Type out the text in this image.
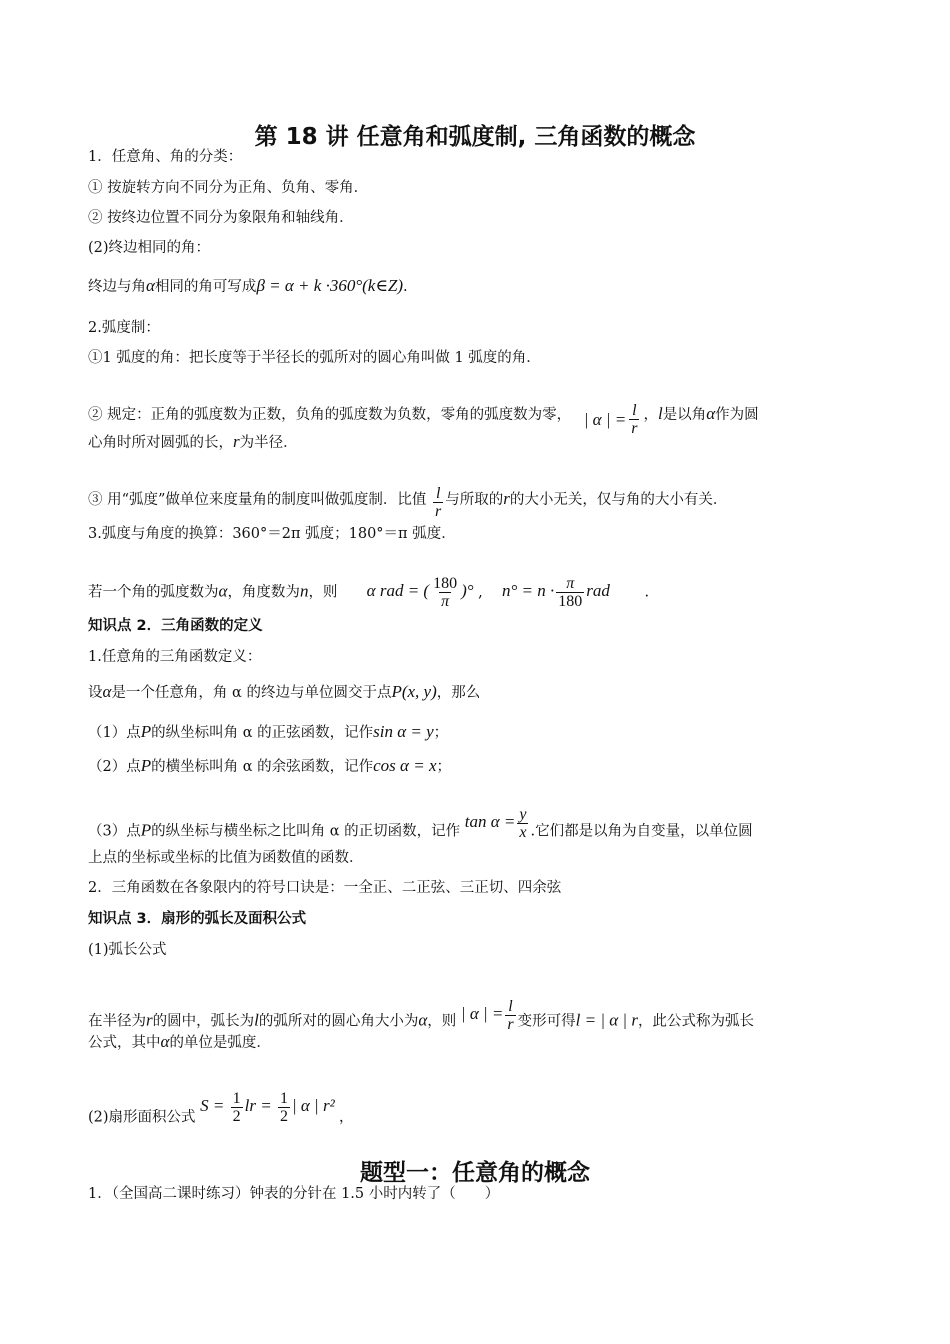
第 18 讲 任意角和弧度制, 三角函数的概念
1．任意角、角的分类：
① 按旋转方向不同分为正角、负角、零角．
② 按终边位置不同分为象限角和轴线角．
(2)终边相同的角：
终边与角α相同的角可写成β = α + k ·360°(k∈Z).
2.弧度制：
①1 弧度的角：把长度等于半径长的弧所对的圆心角叫做 1 弧度的角．
② 规定：正角的弧度数为正数，负角的弧度数为负数，零角的弧度数为零， | α | = $\frac{l}{r}$ ，l是以角α作为圆
心角时所对圆弧的长，r为半径．
③ 用“弧度”做单位来度量角的制度叫做弧度制．比值 $\frac{l}{r}$ 与所取的r的大小无关，仅与角的大小有关．
3.弧度与角度的换算：360°＝2π 弧度；180°＝π 弧度．
若一个角的弧度数为α，角度数为n，则 α rad = ( $\frac{180}{\pi}$ )° , $n^\circ = n \cdot \frac{\pi}{180}$ rad .
知识点 2．三角函数的定义
1.任意角的三角函数定义：
设α是一个任意角，角 α 的终边与单位圆交于点P(x, y)，那么
（1）点P的纵坐标叫角 α 的正弦函数，记作sin α = y；
（2）点P的横坐标叫角 α 的余弦函数，记作cos α = x；
（3）点P的纵坐标与横坐标之比叫角 α 的正切函数，记作 $\tan \alpha = \frac{y}{x}$ .它们都是以角为自变量，以单位圆
上点的坐标或坐标的比值为函数值的函数．
2．三角函数在各象限内的符号口诀是：一全正、二正弦、三正切、四余弦
知识点 3．扇形的弧长及面积公式
(1)弧长公式
在半径为r的圆中，弧长为l的弧所对的圆心角大小为α，则 | α | = $\frac{l}{r}$ 变形可得l = | α | r，此公式称为弧长
公式，其中α的单位是弧度．
(2)扇形面积公式 $S = \frac{1}{2}$ lr = $\frac{1}{2}$ | α | r² ，
题型一：任意角的概念
1．（全国高二课时练习）钟表的分针在 1.5 小时内转了（　　）
